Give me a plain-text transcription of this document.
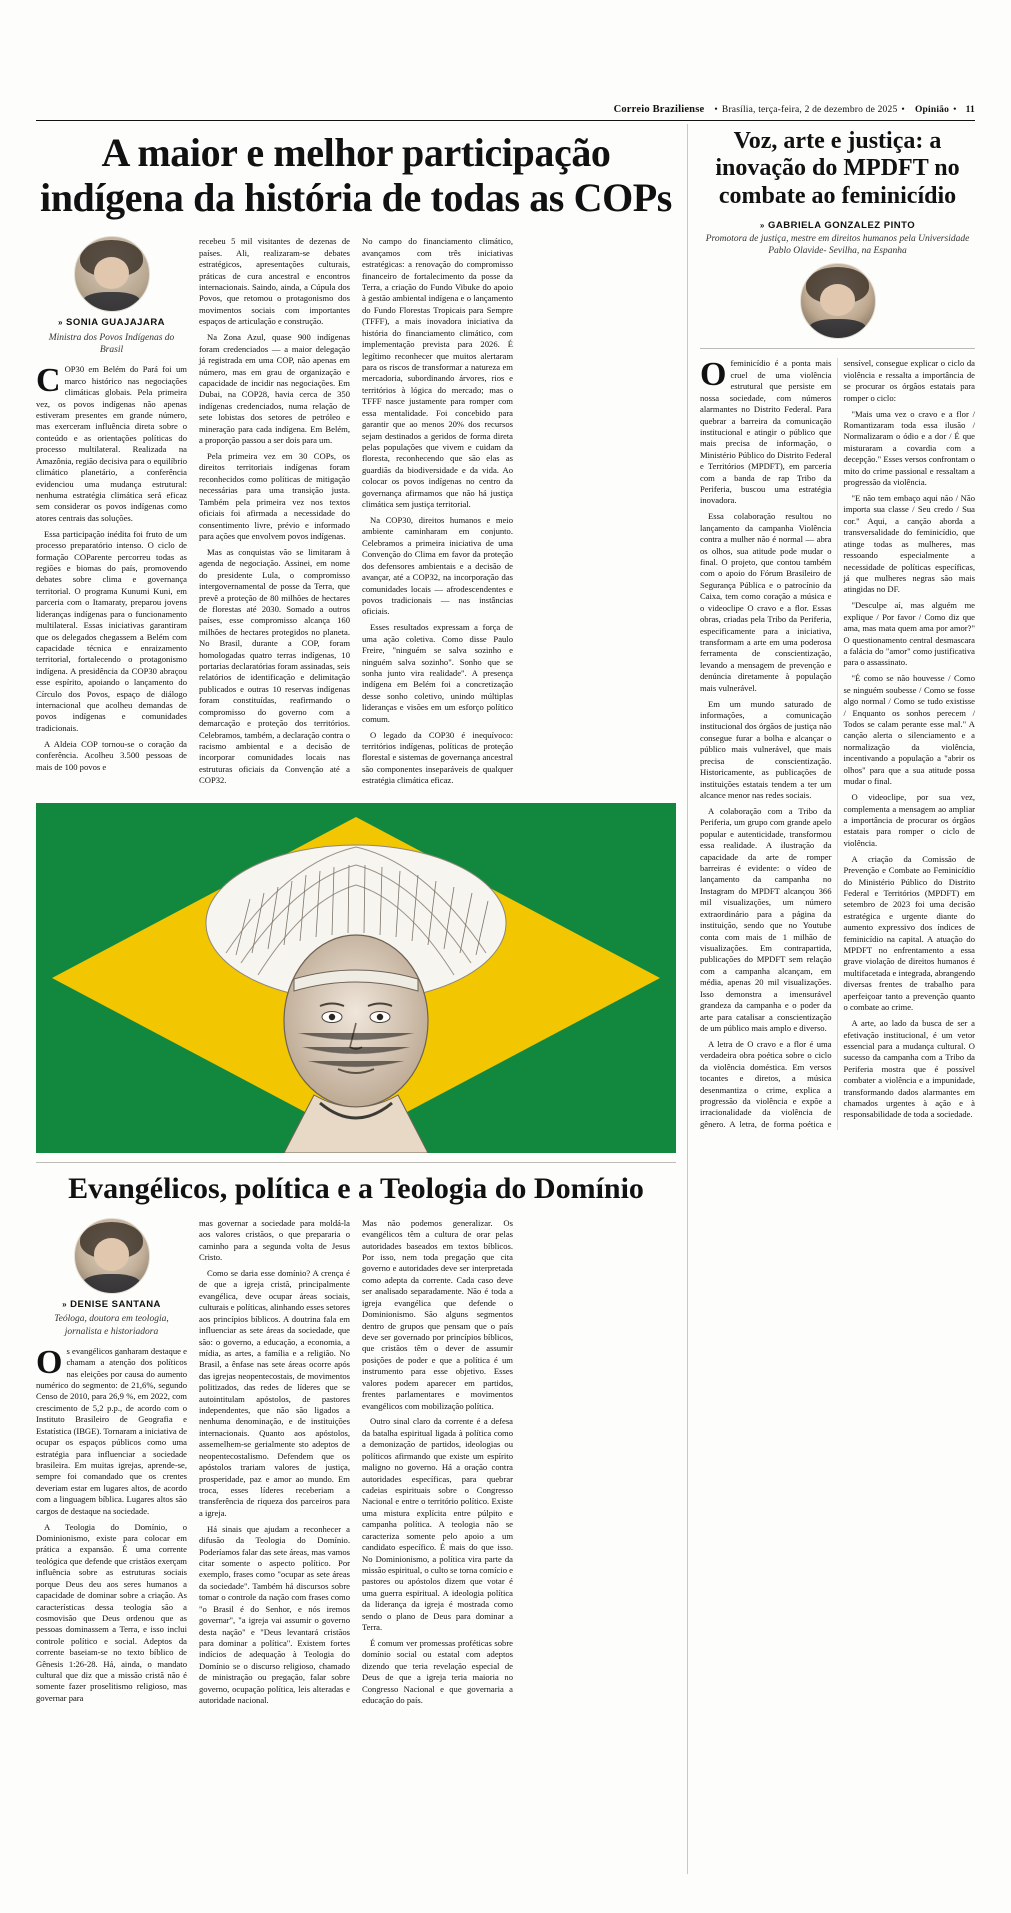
Correio Braziliense • Brasília, terça-feira, 2 de dezembro de 2025 • Opinião • 11
A maior e melhor participação indígena da história de todas as COPs
» SONIA GUAJAJARA
Ministra dos Povos Indígenas do Brasil

COP30 em Belém do Pará foi um marco histórico nas negociações climáticas globais. Pela primeira vez, os povos indígenas não apenas estiveram presentes em grande número, mas exerceram influência direta sobre o conteúdo e as orientações políticas do processo multilateral. Realizada na Amazônia, região decisiva para o equilíbrio climático planetário, a conferência evidenciou uma mudança estrutural: nenhuma estratégia climática será eficaz sem considerar os povos indígenas como atores centrais das soluções.

Essa participação inédita foi fruto de um processo preparatório intenso. O ciclo de formação COParente percorreu todas as regiões e biomas do país, promovendo debates sobre clima e governança territorial. O programa Kunumi Kuni, em parceria com o Itamaraty, preparou jovens lideranças indígenas para o funcionamento multilateral. Essas iniciativas garantiram que os delegados chegassem a Belém com capacidade técnica e enraizamento territorial, fortalecendo o protagonismo indígena. A presidência da COP30 abraçou esse espírito, apoiando o lançamento do Círculo dos Povos, espaço de diálogo internacional que acolheu demandas de povos indígenas e comunidades tradicionais.

A Aldeia COP tornou-se o coração da conferência. Acolheu 3.500 pessoas de mais de 100 povos e

recebeu 5 mil visitantes de dezenas de países. Ali, realizaram-se debates estratégicos, apresentações culturais, práticas de cura ancestral e encontros internacionais. Saindo, ainda, a Cúpula dos Povos, que retomou o protagonismo dos movimentos sociais com importantes espaços de articulação e construção.

Na Zona Azul, quase 900 indígenas foram credenciados — a maior delegação já registrada em uma COP, não apenas em número, mas em grau de organização e capacidade de incidir nas negociações. Em Dubai, na COP28, havia cerca de 350 indígenas credenciados, numa relação de sete lobistas dos setores de petróleo e mineração para cada indígena. Em Belém, a proporção passou a ser dois para um.

Pela primeira vez em 30 COPs, os direitos territoriais indígenas foram reconhecidos como políticas de mitigação necessárias para uma transição justa. Também pela primeira vez nos textos oficiais foi afirmada a necessidade do consentimento livre, prévio e informado para ações que envolvem povos indígenas.

Mas as conquistas vão se limitaram à agenda de negociação. Assinei, em nome do presidente Lula, o compromisso intergovernamental de posse da Terra, que prevê a proteção de 80 milhões de hectares de florestas até 2030. Somado a outros países, esse compromisso alcança 160 milhões de hectares protegidos no planeta. No Brasil, durante a COP, foram homologadas quatro terras indígenas, 10 portarias declaratórias foram assinadas, seis relatórios de identificação e delimitação publicados e outras 10 reservas indígenas foram constituídas, reafirmando o compromisso do governo com a demarcação e proteção dos territórios. Celebramos, também, a declaração contra o racismo ambiental e a decisão de incorporar comunidades locais nas estruturas oficiais da Convenção até a COP32.

No campo do financiamento climático, avançamos com três iniciativas estratégicas: a renovação do compromisso financeiro de fortalecimento da posse da Terra, a criação do Fundo Vibuke do apoio à gestão ambiental indígena e o lançamento do Fundo Florestas Tropicais para Sempre (TFFF), a mais inovadora iniciativa da história do financiamento climático, com implementação prevista para 2026. É legítimo reconhecer que muitos alertaram para os riscos de transformar a natureza em mercadoria, subordinando árvores, rios e territórios à lógica do mercado; mas o TFFF nasce justamente para romper com essa mentalidade. Foi concebido para garantir que ao menos 20% dos recursos sejam destinados a geridos de forma direta pelas populações que vivem e cuidam da floresta, reconhecendo que são elas as guardiãs da biodiversidade e da vida. Ao colocar os povos indígenas no centro da governança afirmamos que não há justiça climática sem justiça territorial.

Na COP30, direitos humanos e meio ambiente caminharam em conjunto. Celebramos a primeira iniciativa de uma Convenção do Clima em favor da proteção dos defensores ambientais e a decisão de avançar, até a COP32, na incorporação das comunidades locais — afrodescendentes e povos tradicionais — nas instâncias oficiais.

Esses resultados expressam a força de uma ação coletiva. Como disse Paulo Freire, "ninguém se salva sozinho e ninguém salva sozinho". Sonho que se sonha junto vira realidade". A presença indígena em Belém foi a concretização desse sonho coletivo, unindo múltiplas lideranças e visões em um esforço político comum.

O legado da COP30 é inequívoco: territórios indígenas, políticas de proteção florestal e sistemas de governança ancestral são componentes inseparáveis de qualquer estratégia climática eficaz.

Evangélicos, política e a Teologia do Domínio
» DENISE SANTANA
Teóloga, doutora em teologia, jornalista e historiadora

Os evangélicos ganharam destaque e chamam a atenção dos políticos nas eleições por causa do aumento numérico do segmento: de 21,6%, segundo Censo de 2010, para 26,9 %, em 2022, com crescimento de 5,2 p.p., de acordo com o Instituto Brasileiro de Geografia e Estatística (IBGE). Tornaram a iniciativa de ocupar os espaços públicos como uma estratégia para influenciar a sociedade brasileira. Em muitas igrejas, aprende-se, sempre foi comandado que os crentes deveriam estar em lugares altos, de acordo com a linguagem bíblica. Lugares altos são cargos de destaque na sociedade.

A Teologia do Domínio, o Dominionismo, existe para colocar em prática a expansão. É uma corrente teológica que defende que cristãos exerçam influência sobre as estruturas sociais porque Deus deu aos seres humanos a capacidade de dominar sobre a criação. As características dessa teologia são a cosmovisão que Deus ordenou que as pessoas dominassem a Terra, e isso inclui controle político e social. Adeptos da corrente baseiam-se no texto bíblico de Gênesis 1:26-28. Há, ainda, o mandato cultural que diz que a missão cristã não é somente fazer proselitismo religioso, mas governar para

mas governar a sociedade para moldá-la aos valores cristãos, o que prepararia o caminho para a segunda volta de Jesus Cristo.

Como se daria esse domínio? A crença é de que a igreja cristã, principalmente evangélica, deve ocupar áreas sociais, culturais e políticas, alinhando esses setores aos princípios bíblicos. A doutrina fala em influenciar as sete áreas da sociedade, que são: o governo, a educação, a economia, a mídia, as artes, a família e a religião. No Brasil, a ênfase nas sete áreas ocorre após das igrejas neopentecostais, de movimentos politizados, das redes de líderes que se autointitulam apóstolos, de pastores independentes, que não são ligados a nenhuma denominação, e de instituições internacionais. Quanto aos apóstolos, assemelhem-se gerialmente sto adeptos de neopentecostalismo. Defendem que os apóstolos trariam valores de justiça, prosperidade, paz e amor ao mundo. Em troca, esses líderes receberiam a transferência de riqueza dos parceiros para a igreja.

Há sinais que ajudam a reconhecer a difusão da Teologia do Domínio. Poderíamos falar das sete áreas, mas vamos citar somente o aspecto político. Por exemplo, frases como "ocupar as sete áreas da sociedade". Também há discursos sobre tomar o controle da nação com frases como "o Brasil é do Senhor, e nós iremos governar", "a igreja vai assumir o governo desta nação" e "Deus levantará cristãos para dominar a política". Existem fortes indícios de adequação à Teologia do Domínio se o discurso religioso, chamado de ministração ou pregação, falar sobre governo, ocupação política, leis alteradas e autoridade nacional.

Mas não podemos generalizar. Os evangélicos têm a cultura de orar pelas autoridades baseados em textos bíblicos. Por isso, nem toda pregação que cita governo e autoridades deve ser interpretada como adepta da corrente. Cada caso deve ser analisado separadamente. Não é toda a igreja evangélica que defende o Dominionismo. São alguns segmentos dentro de grupos que pensam que o país deve ser governado por princípios bíblicos, que cristãos têm o dever de assumir posições de poder e que a política é um instrumento para esse objetivo. Esses valores podem aparecer em partidos, frentes parlamentares e movimentos evangélicos com mobilização política.

Outro sinal claro da corrente é a defesa da batalha espiritual ligada à política como a demonização de partidos, ideologias ou políticos afirmando que existe um espírito maligno no governo. Há a oração contra autoridades específicas, para quebrar cadeias espirituais sobre o Congresso Nacional e entre o território político. Existe uma mistura explícita entre púlpito e campanha política. A teologia não se caracteriza somente pelo apoio a um candidato específico. É mais do que isso. No Dominionismo, a política vira parte da missão espiritual, o culto se torna comício e pastores ou apóstolos dizem que votar é uma guerra espiritual. A ideologia política da liderança da igreja é mostrada como sendo o plano de Deus para dominar a Terra.

É comum ver promessas proféticas sobre domínio social ou estatal com adeptos dizendo que teria revelação especial de Deus de que a igreja teria maioria no Congresso Nacional e que governaria a educação do país.

Voz, arte e justiça: a inovação do MPDFT no combate ao feminicídio
» GABRIELA GONZALEZ PINTO
Promotora de justiça, mestre em direitos humanos pela Universidade Pablo Olavide- Sevilha, na Espanha

Ofeminicídio é a ponta mais cruel de uma violência estrutural que persiste em nossa sociedade, com números alarmantes no Distrito Federal. Para quebrar a barreira da comunicação institucional e atingir o público que mais precisa de informação, o Ministério Público do Distrito Federal e Territórios (MPDFT), em parceria com a banda de rap Tribo da Periferia, buscou uma estratégia inovadora.

Essa colaboração resultou no lançamento da campanha Violência contra a mulher não é normal — abra os olhos, sua atitude pode mudar o final. O projeto, que contou também com o apoio do Fórum Brasileiro de Segurança Pública e o patrocínio da Caixa, tem como coração a música e o videoclipe O cravo e a flor. Essas obras, criadas pela Tribo da Periferia, especificamente para a iniciativa, transformam a arte em uma poderosa ferramenta de conscientização, levando a mensagem de prevenção e denúncia diretamente à população mais vulnerável.

Em um mundo saturado de informações, a comunicação institucional dos órgãos de justiça não consegue furar a bolha e alcançar o público mais vulnerável, que mais precisa de conscientização. Historicamente, as publicações de instituições estatais tendem a ter um alcance menor nas redes sociais.

A colaboração com a Tribo da Periferia, um grupo com grande apelo popular e autenticidade, transformou essa realidade. A ilustração da capacidade da arte de romper barreiras é evidente: o vídeo de lançamento da campanha no Instagram do MPDFT alcançou 366 mil visualizações, um número extraordinário para a página da instituição, sendo que no Youtube conta com mais de 1 milhão de visualizações. Em contrapartida, publicações do MPDFT sem relação com a campanha alcançam, em média, apenas 20 mil visualizações. Isso demonstra a imensurável grandeza da campanha e o poder da arte para catalisar a conscientização de um público mais amplo e diverso.

A letra de O cravo e a flor é uma verdadeira obra poética sobre o ciclo da violência doméstica. Em versos tocantes e diretos, a música desenmantiza o crime, explica a progressão da violência e expõe a irracionalidade da violência de gênero. A letra, de forma poética e sensível, consegue explicar o ciclo da violência e ressalta a importância de se procurar os órgãos estatais para romper o ciclo:

"Mais uma vez o cravo e a flor / Romantizaram toda essa ilusão / Normalizaram o ódio e a dor / É que misturaram a covardia com a decepção." Esses versos confrontam o mito do crime passional e ressaltam a progressão da violência.

"E não tem embaço aqui não / Não importa sua classe / Seu credo / Sua cor." Aqui, a canção aborda a transversalidade do feminicídio, que atinge todas as mulheres, mas ressoando especialmente a necessidade de políticas específicas, já que mulheres negras são mais atingidas no DF.

"Desculpe aí, mas alguém me explique / Por favor / Como diz que ama, mas mata quem ama por amor?" O questionamento central desmascara a falácia do "amor" como justificativa para o assassinato.

"É como se não houvesse / Como se ninguém soubesse / Como se fosse algo normal / Como se tudo existisse / Enquanto os sonhos perecem / Todos se calam perante esse mal." A canção alerta o silenciamento e a normalização da violência, incentivando a população a "abrir os olhos" para que a sua atitude possa mudar o final.

O videoclipe, por sua vez, complementa a mensagem ao ampliar a importância de procurar os órgãos estatais para romper o ciclo de violência.

A criação da Comissão de Prevenção e Combate ao Feminicídio do Ministério Público do Distrito Federal e Territórios (MPDFT) em setembro de 2023 foi uma decisão estratégica e urgente diante do aumento expressivo dos índices de feminicídio na capital. A atuação do MPDFT no enfrentamento a essa grave violação de direitos humanos é multifacetada e integrada, abrangendo diversas frentes de trabalho para aperfeiçoar tanto a prevenção quanto o combate ao crime.

A arte, ao lado da busca de ser a efetivação institucional, é um vetor essencial para a mudança cultural. O sucesso da campanha com a Tribo da Periferia mostra que é possível combater a violência e a impunidade, transformando dados alarmantes em chamados urgentes à ação e à responsabilidade de toda a sociedade.
